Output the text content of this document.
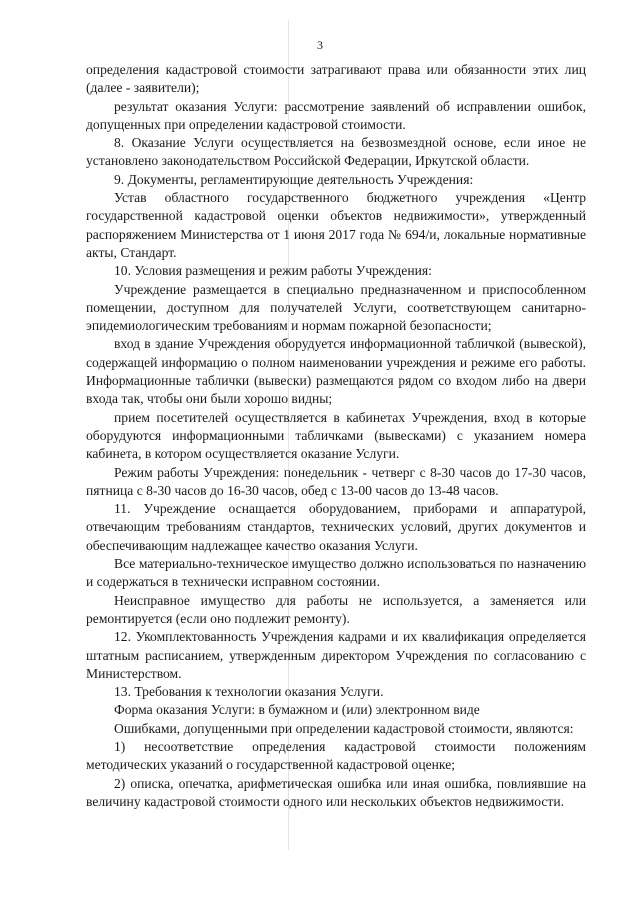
3

определения кадастровой стоимости затрагивают права или обязанности этих лиц (далее - заявители);

результат оказания Услуги: рассмотрение заявлений об исправлении ошибок, допущенных при определении кадастровой стоимости.

8. Оказание Услуги осуществляется на безвозмездной основе, если иное не установлено законодательством Российской Федерации, Иркутской области.

9. Документы, регламентирующие деятельность Учреждения:

Устав областного государственного бюджетного учреждения «Центр государственной кадастровой оценки объектов недвижимости», утвержденный распоряжением Министерства от 1 июня 2017 года № 694/и, локальные нормативные акты, Стандарт.

10. Условия размещения и режим работы Учреждения:

Учреждение размещается в специально предназначенном и приспособленном помещении, доступном для получателей Услуги, соответствующем санитарно-эпидемиологическим требованиям и нормам пожарной безопасности;

вход в здание Учреждения оборудуется информационной табличкой (вывеской), содержащей информацию о полном наименовании учреждения и режиме его работы. Информационные таблички (вывески) размещаются рядом со входом либо на двери входа так, чтобы они были хорошо видны;

прием посетителей осуществляется в кабинетах Учреждения, вход в которые оборудуются информационными табличками (вывесками) с указанием номера кабинета, в котором осуществляется оказание Услуги.

Режим работы Учреждения: понедельник - четверг с 8-30 часов до 17-30 часов, пятница с 8-30 часов до 16-30 часов, обед с 13-00 часов до 13-48 часов.

11. Учреждение оснащается оборудованием, приборами и аппаратурой, отвечающим требованиям стандартов, технических условий, других документов и обеспечивающим надлежащее качество оказания Услуги.

Все материально-техническое имущество должно использоваться по назначению и содержаться в технически исправном состоянии.

Неисправное имущество для работы не используется, а заменяется или ремонтируется (если оно подлежит ремонту).

12. Укомплектованность Учреждения кадрами и их квалификация определяется штатным расписанием, утвержденным директором Учреждения по согласованию с Министерством.

13. Требования к технологии оказания Услуги.

Форма оказания Услуги: в бумажном и (или) электронном виде

Ошибками, допущенными при определении кадастровой стоимости, являются:

1) несоответствие определения кадастровой стоимости положениям методических указаний о государственной кадастровой оценке;

2) описка, опечатка, арифметическая ошибка или иная ошибка, повлиявшие на величину кадастровой стоимости одного или нескольких объектов недвижимости.
